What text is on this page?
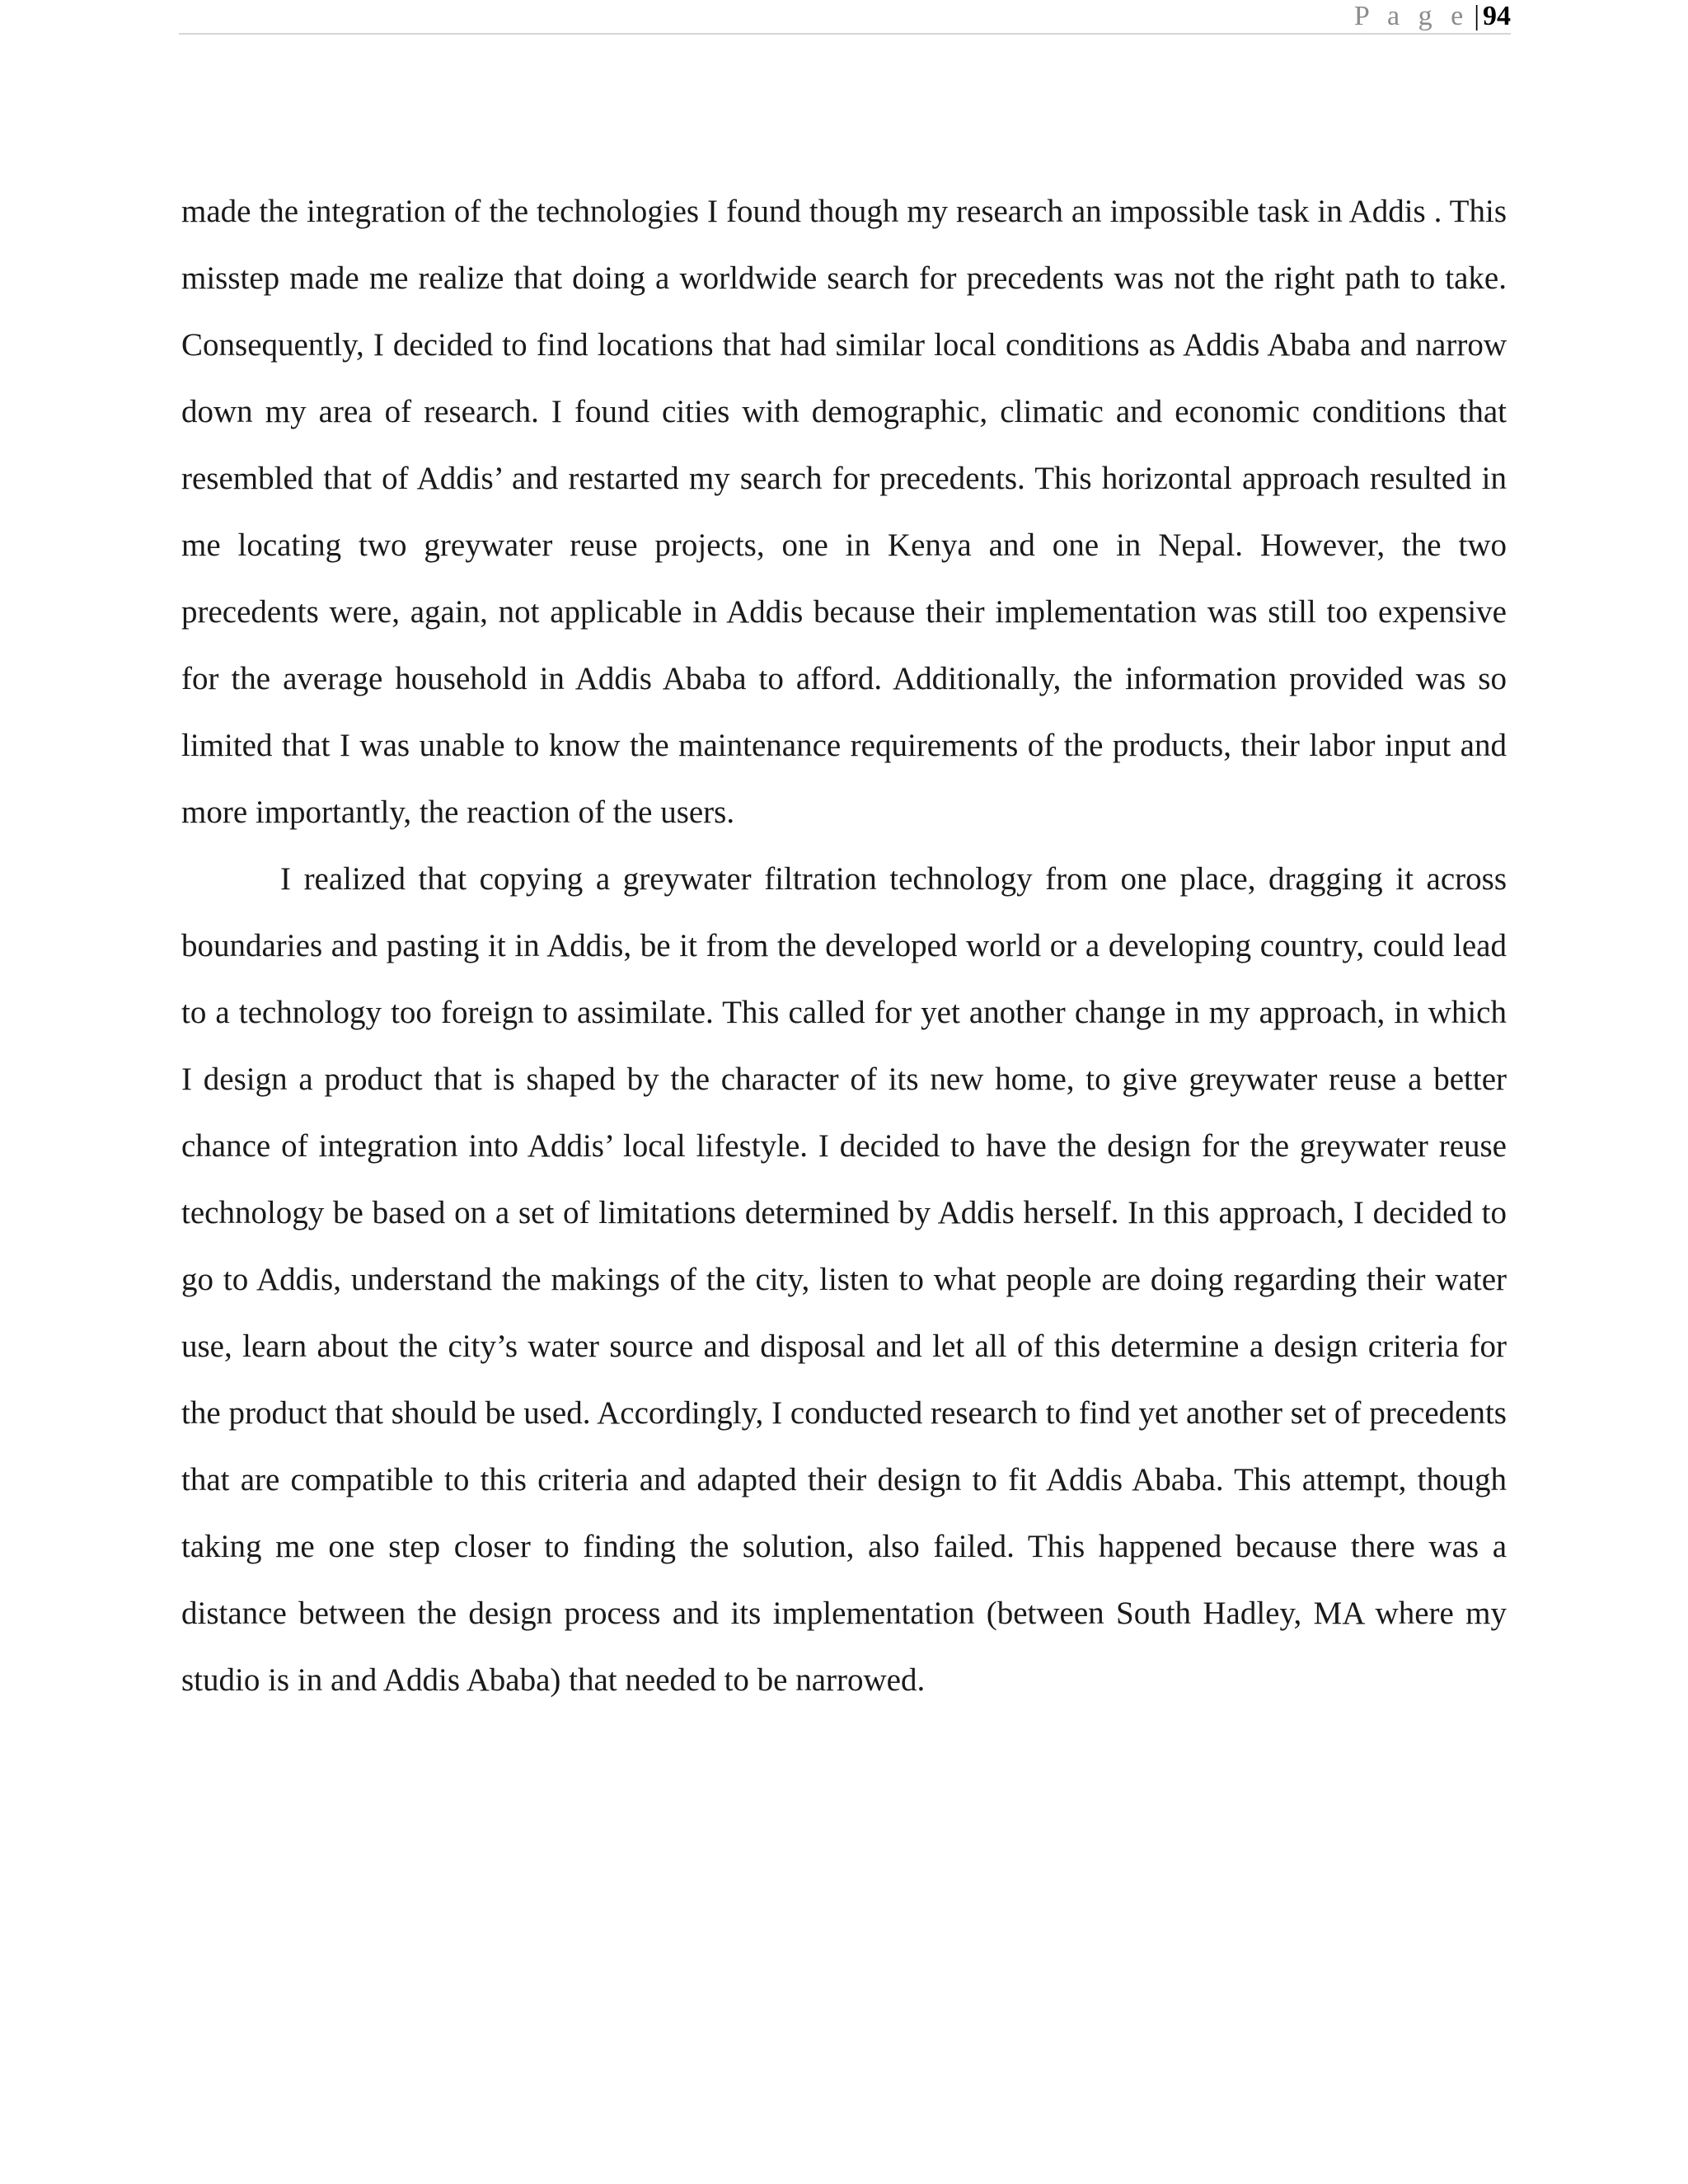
P a g e | 94

made the integration of the technologies I found though my research an impossible task in Addis . This misstep made me realize that doing a worldwide search for precedents was not the right path to take. Consequently, I decided to find locations that had similar local conditions as Addis Ababa and narrow down my area of research. I found cities with demographic, climatic and economic conditions that resembled that of Addis’ and restarted my search for precedents. This horizontal approach resulted in me locating two greywater reuse projects, one in Kenya and one in Nepal. However, the two precedents were, again, not applicable in Addis because their implementation was still too expensive for the average household in Addis Ababa to afford. Additionally, the information provided was so limited that I was unable to know the maintenance requirements of the products, their labor input and more importantly, the reaction of the users.

I realized that copying a greywater filtration technology from one place, dragging it across boundaries and pasting it in Addis, be it from the developed world or a developing country, could lead to a technology too foreign to assimilate. This called for yet another change in my approach, in which I design a product that is shaped by the character of its new home, to give greywater reuse a better chance of integration into Addis’ local lifestyle. I decided to have the design for the greywater reuse technology be based on a set of limitations determined by Addis herself. In this approach, I decided to go to Addis, understand the makings of the city, listen to what people are doing regarding their water use, learn about the city’s water source and disposal and let all of this determine a design criteria for the product that should be used. Accordingly, I conducted research to find yet another set of precedents that are compatible to this criteria and adapted their design to fit Addis Ababa. This attempt, though taking me one step closer to finding the solution, also failed. This happened because there was a distance between the design process and its implementation (between South Hadley, MA where my studio is in and Addis Ababa) that needed to be narrowed.
